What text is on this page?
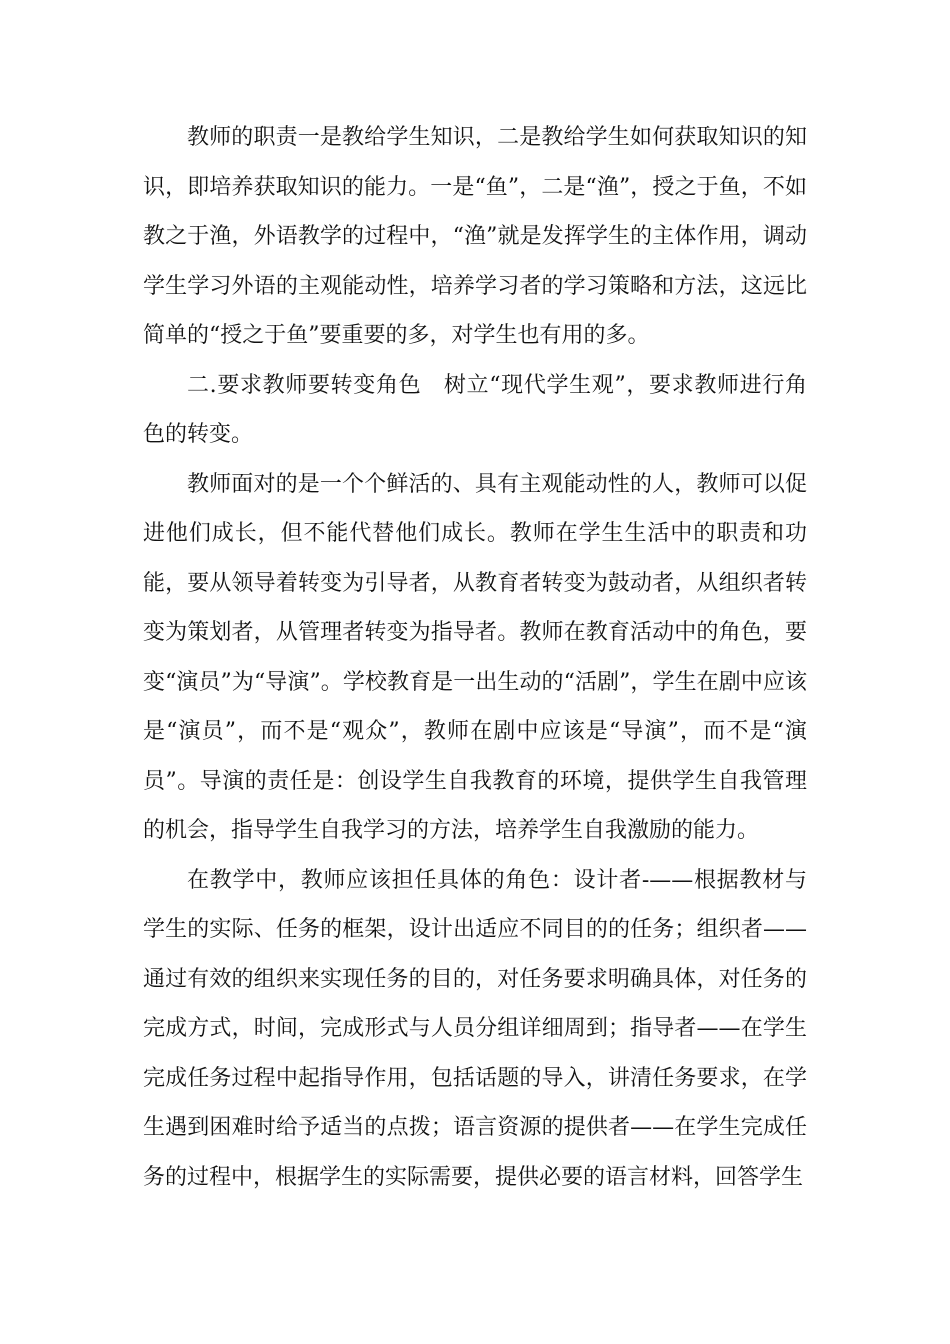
教师的职责一是教给学生知识，二是教给学生如何获取知识的知识，即培养获取知识的能力。一是“鱼”，二是“渔”，授之于鱼，不如教之于渔，外语教学的过程中，“渔”就是发挥学生的主体作用，调动学生学习外语的主观能动性，培养学习者的学习策略和方法，这远比简单的“授之于鱼”要重要的多，对学生也有用的多。

二.要求教师要转变角色　树立“现代学生观”，要求教师进行角色的转变。

教师面对的是一个个鲜活的、具有主观能动性的人，教师可以促进他们成长，但不能代替他们成长。教师在学生生活中的职责和功能，要从领导着转变为引导者，从教育者转变为鼓动者，从组织者转变为策划者，从管理者转变为指导者。教师在教育活动中的角色，要变“演员”为“导演”。学校教育是一出生动的“活剧”，学生在剧中应该是“演员”，而不是“观众”，教师在剧中应该是“导演”，而不是“演员”。导演的责任是：创设学生自我教育的环境，提供学生自我管理的机会，指导学生自我学习的方法，培养学生自我激励的能力。

在教学中，教师应该担任具体的角色：设计者-——根据教材与学生的实际、任务的框架，设计出适应不同目的的任务；组织者——通过有效的组织来实现任务的目的，对任务要求明确具体，对任务的完成方式，时间，完成形式与人员分组详细周到；指导者——在学生完成任务过程中起指导作用，包括话题的导入，讲清任务要求，在学生遇到困难时给予适当的点拨；语言资源的提供者——在学生完成任务的过程中，根据学生的实际需要，提供必要的语言材料，回答学生
